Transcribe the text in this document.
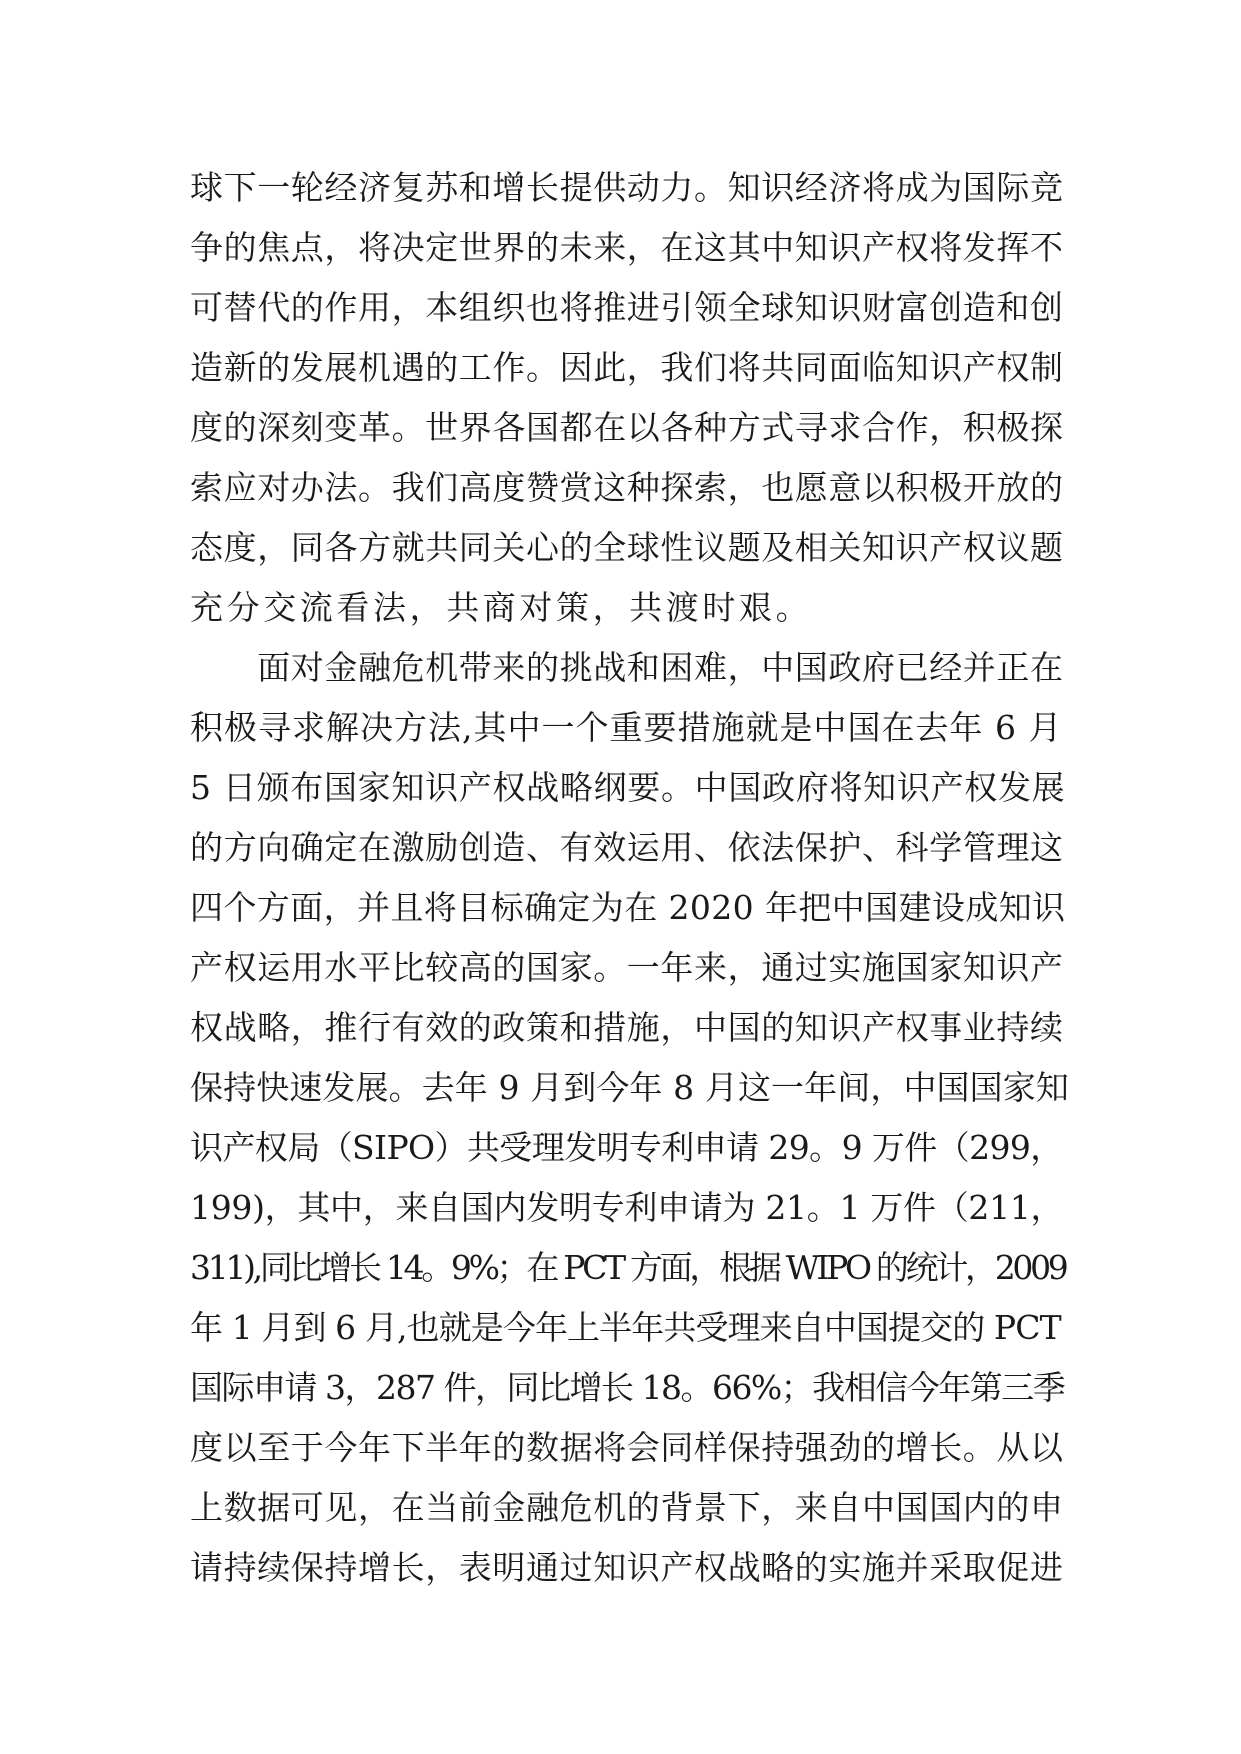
球下一轮经济复苏和增长提供动力。知识经济将成为国际竞
争的焦点，将决定世界的未来，在这其中知识产权将发挥不
可替代的作用，本组织也将推进引领全球知识财富创造和创
造新的发展机遇的工作。因此，我们将共同面临知识产权制
度的深刻变革。世界各国都在以各种方式寻求合作，积极探
索应对办法。我们高度赞赏这种探索，也愿意以积极开放的
态度，同各方就共同关心的全球性议题及相关知识产权议题
充分交流看法，共商对策，共渡时艰。
　　面对金融危机带来的挑战和困难，中国政府已经并正在
积极寻求解决方法,其中一个重要措施就是中国在去年 6 月
5 日颁布国家知识产权战略纲要。中国政府将知识产权发展
的方向确定在激励创造、有效运用、依法保护、科学管理这
四个方面，并且将目标确定为在 2020 年把中国建设成知识
产权运用水平比较高的国家。一年来，通过实施国家知识产
权战略，推行有效的政策和措施，中国的知识产权事业持续
保持快速发展。去年 9 月到今年 8 月这一年间，中国国家知
识产权局（SIPO）共受理发明专利申请 29。9 万件（299，
199)，其中，来自国内发明专利申请为 21。1 万件（211，
311),同比增长 14。9%；在 PCT 方面，根据 WIPO 的统计，2009
年 1 月到 6 月,也就是今年上半年共受理来自中国提交的 PCT
国际申请 3，287 件，同比增长 18。66%；我相信今年第三季
度以至于今年下半年的数据将会同样保持强劲的增长。从以
上数据可见，在当前金融危机的背景下，来自中国国内的申
请持续保持增长，表明通过知识产权战略的实施并采取促进
